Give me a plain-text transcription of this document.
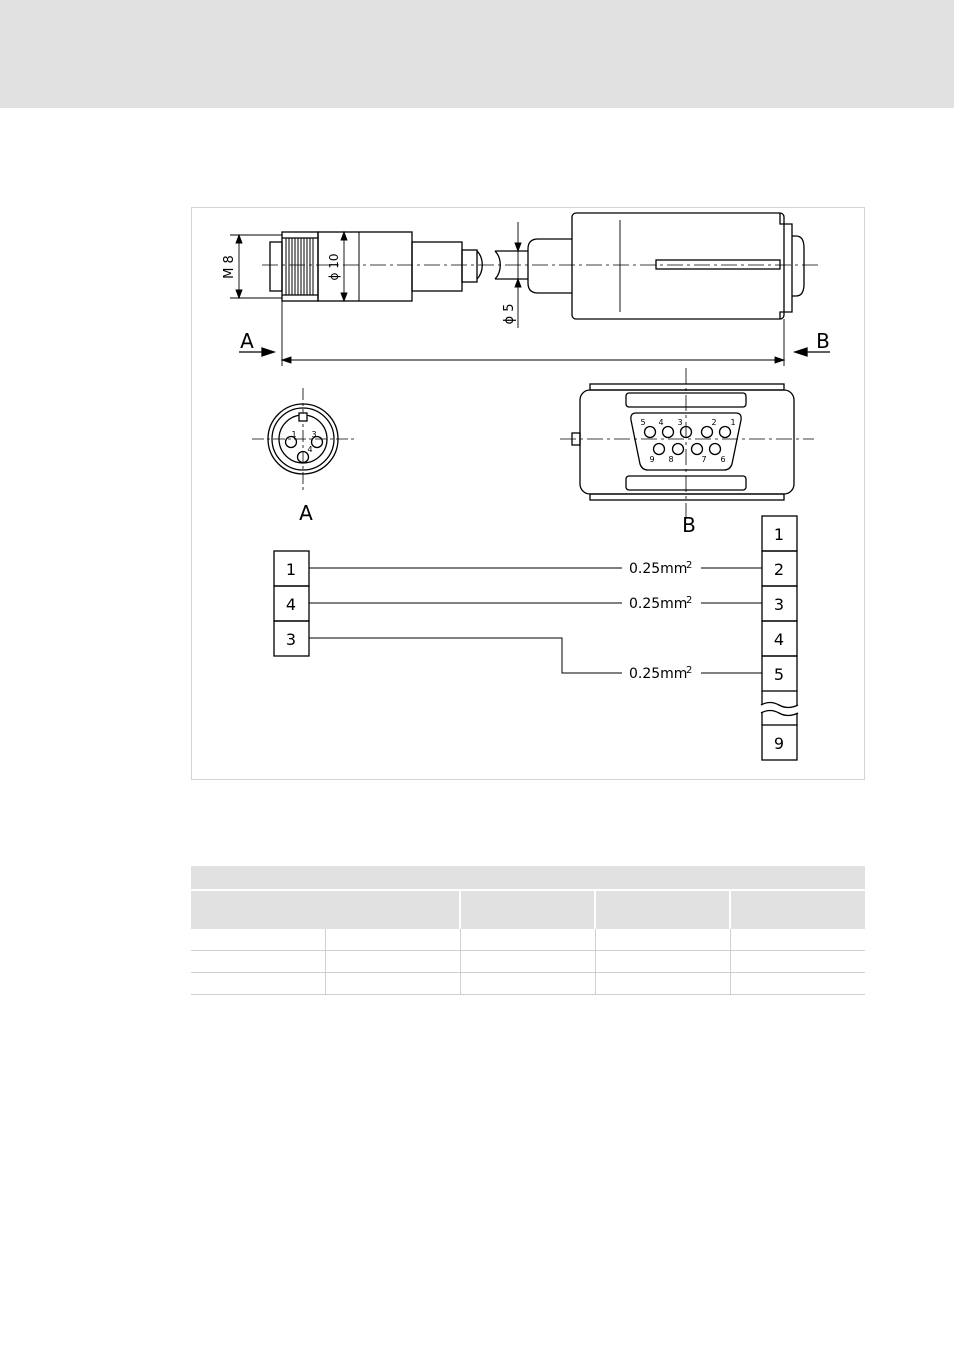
M 8	ϕ 10
ϕ 5
A	B
A	B
1 3
4
5 4 3	2 1
9 8	7 6
1
4
3
1
2
3
4
5
9
0.25mm
2
0.25mm
2
0.25mm
2
